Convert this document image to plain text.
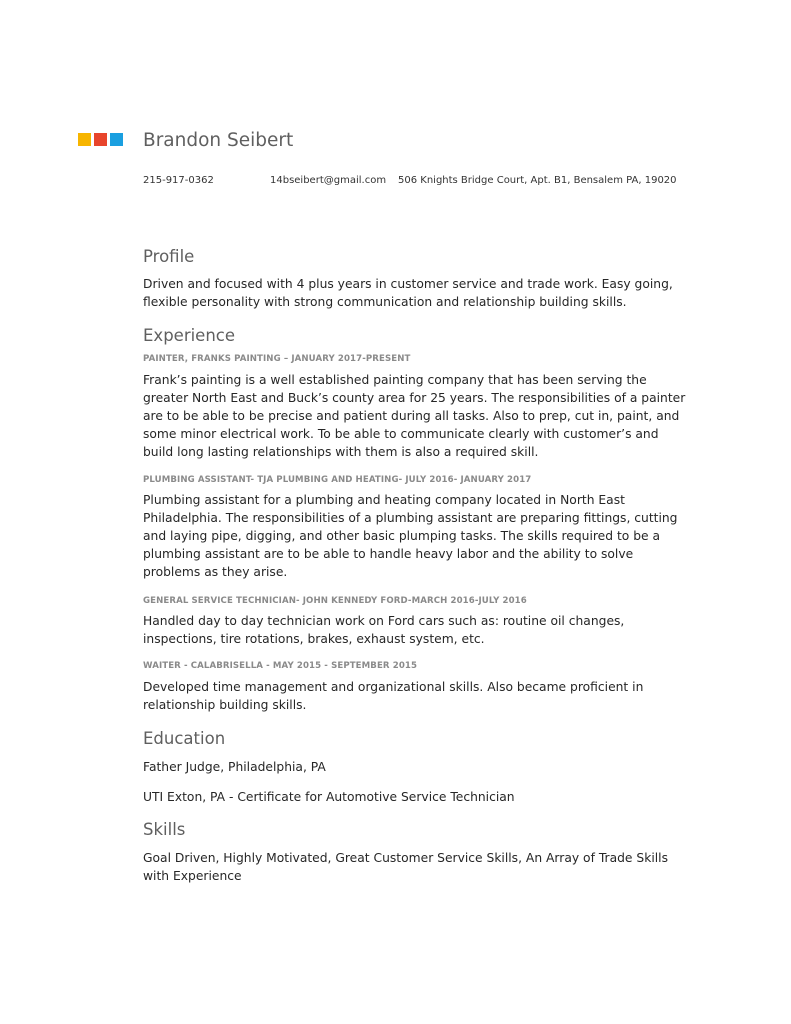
Brandon Seibert
215-917-0362	14bseibert@gmail.com 506 Knights Bridge Court, Apt. B1, Bensalem PA, 19020
Profile

Driven and focused with 4 plus years in customer service and trade work. Easy going, flexible personality with strong communication and relationship building skills.

Experience
PAINTER, FRANKS PAINTING – JANUARY 2017-PRESENT

Frank’s painting is a well established painting company that has been serving the greater North East and Buck’s county area for 25 years. The responsibilities of a painter are to be able to be precise and patient during all tasks. Also to prep, cut in, paint, and some minor electrical work. To be able to communicate clearly with customer’s and build long lasting relationships with them is also a required skill.

PLUMBING ASSISTANT- TJA PLUMBING AND HEATING- JULY 2016- JANUARY 2017

Plumbing assistant for a plumbing and heating company located in North East Philadelphia. The responsibilities of a plumbing assistant are preparing fittings, cutting and laying pipe, digging, and other basic plumping tasks. The skills required to be a plumbing assistant are to be able to handle heavy labor and the ability to solve problems as they arise.

GENERAL SERVICE TECHNICIAN- JOHN KENNEDY FORD-MARCH 2016-JULY 2016

Handled day to day technician work on Ford cars such as: routine oil changes, inspections, tire rotations, brakes, exhaust system, etc.

WAITER - CALABRISELLA - MAY 2015 - SEPTEMBER 2015

Developed time management and organizational skills. Also became proficient in relationship building skills.

Education
Father Judge, Philadelphia, PA
UTI Exton, PA - Certificate for Automotive Service Technician
Skills

Goal Driven, Highly Motivated, Great Customer Service Skills, An Array of Trade Skills with Experience
